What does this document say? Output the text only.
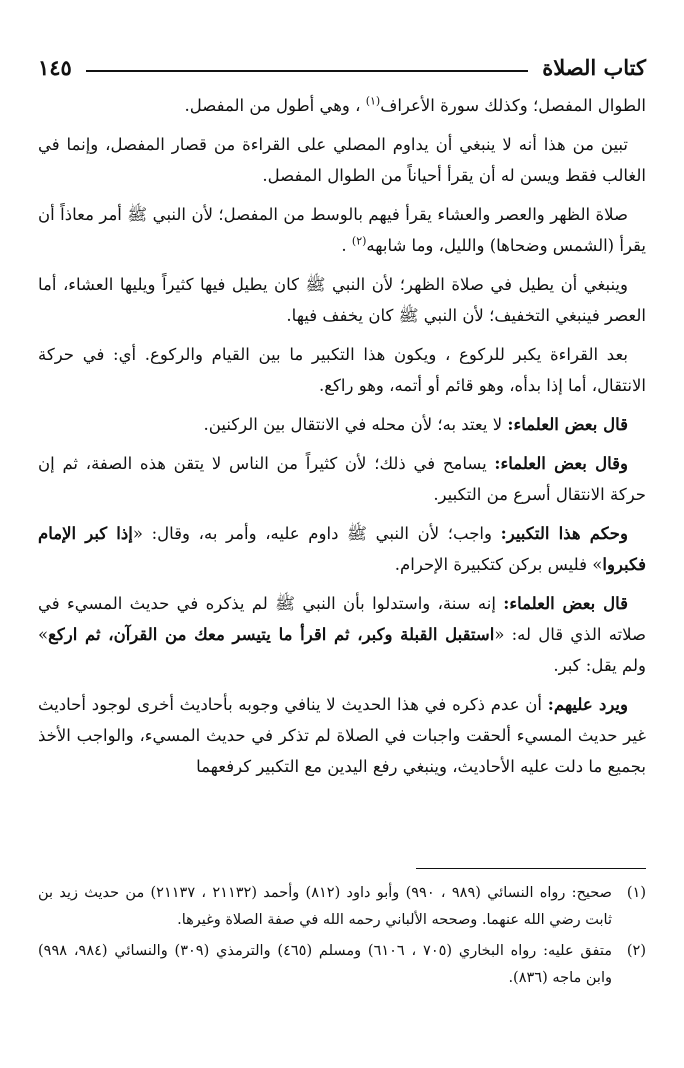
كتاب الصلاة
١٤٥

الطوال المفصل؛ وكذلك سورة الأعراف$^{(١)}$ ، وهي أطول من المفصل.

تبين من هذا أنه لا ينبغي أن يداوم المصلي على القراءة من قصار المفصل، وإنما في الغالب فقط ويسن له أن يقرأ أحياناً من الطوال المفصل.

صلاة الظهر والعصر والعشاء يقرأ فيهم بالوسط من المفصل؛ لأن النبي ﷺ أمر معاذاً أن يقرأ (الشمس وضحاها) والليل، وما شابهه$^{(٢)}$ .

وينبغي أن يطيل في صلاة الظهر؛ لأن النبي ﷺ كان يطيل فيها كثيراً ويليها العشاء، أما العصر فينبغي التخفيف؛ لأن النبي ﷺ كان يخفف فيها.

بعد القراءة يكبر للركوع ، ويكون هذا التكبير ما بين القيام والركوع. أي: في حركة الانتقال، أما إذا بدأه، وهو قائم أو أتمه، وهو راكع.

قال بعض العلماء: لا يعتد به؛ لأن محله في الانتقال بين الركنين.

وقال بعض العلماء: يسامح في ذلك؛ لأن كثيراً من الناس لا يتقن هذه الصفة، ثم إن حركة الانتقال أسرع من التكبير.

وحكم هذا التكبير: واجب؛ لأن النبي ﷺ داوم عليه، وأمر به، وقال: «إذا كبر الإمام فكبروا» فليس بركن كتكبيرة الإحرام.

قال بعض العلماء: إنه سنة، واستدلوا بأن النبي ﷺ لم يذكره في حديث المسيء في صلاته الذي قال له: «استقبل القبلة وكبر، ثم اقرأ ما يتيسر معك من القرآن، ثم اركع» ولم يقل: كبر.

ويرد عليهم: أن عدم ذكره في هذا الحديث لا ينافي وجوبه بأحاديث أخرى لوجود أحاديث غير حديث المسيء ألحقت واجبات في الصلاة لم تذكر في حديث المسيء، والواجب الأخذ بجميع ما دلت عليه الأحاديث، وينبغي رفع اليدين مع التكبير كرفعهما

(١)
صحيح: رواه النسائي (٩٨٩ ، ٩٩٠) وأبو داود (٨١٢) وأحمد (٢١١٣٢ ، ٢١١٣٧) من حديث زيد بن ثابت رضي الله عنهما. وصححه الألباني رحمه الله في صفة الصلاة وغيرها.
(٢)
متفق عليه: رواه البخاري (٧٠٥ ، ٦١٠٦) ومسلم (٤٦٥) والترمذي (٣٠٩) والنسائي (٩٨٤، ٩٩٨) وابن ماجه (٨٣٦).
